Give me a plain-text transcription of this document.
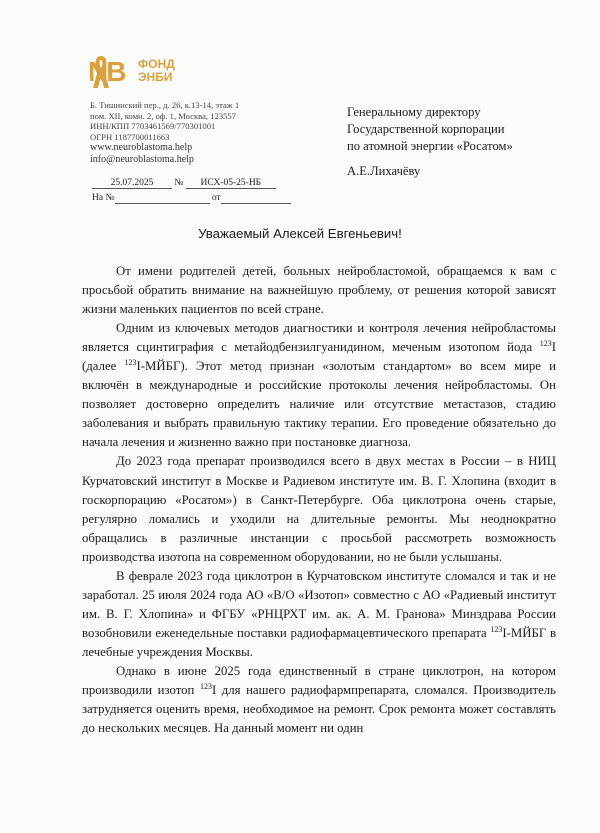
NB ФОНД
ЭНБИ
Б. Тишинский пер., д. 26, к.13-14, этаж 1
пом. XII, комн. 2, оф. 1, Москва, 123557
ИНН/КПП 7703461569/770301001
ОГРН 1187700011663
www.neuroblastoma.help
info@neuroblastoma.help
25.07.2025 № ИСХ-05-25-НБ
На №	от
Генеральному директору
Государственной корпорации
по атомной энергии «Росатом»
А.Е.Лихачёву
Уважаемый Алексей Евгеньевич!

От имени родителей детей, больных нейробластомой, обращаемся к вам с просьбой обратить внимание на важнейшую проблему, от решения которой зависят жизни маленьких пациентов по всей стране.

Одним из ключевых методов диагностики и контроля лечения нейробластомы является сцинтиграфия с метайодбензилгуанидином, меченым изотопом йода $^{123}$I (далее $^{123}$I-МЙБГ). Этот метод признан «золотым стандартом» во всем мире и включён в международные и российские протоколы лечения нейробластомы. Он позволяет достоверно определить наличие или отсутствие метастазов, стадию заболевания и выбрать правильную тактику терапии. Его проведение обязательно до начала лечения и жизненно важно при постановке диагноза.

До 2023 года препарат производился всего в двух местах в России – в НИЦ Курчатовский институт в Москве и Радиевом институте им. В. Г. Хлопина (входит в госкорпорацию «Росатом») в Санкт-Петербурге. Оба циклотрона очень старые, регулярно ломались и уходили на длительные ремонты. Мы неоднократно обращались в различные инстанции с просьбой рассмотреть возможность производства изотопа на современном оборудовании, но не были услышаны.

В феврале 2023 года циклотрон в Курчатовском институте сломался и так и не заработал. 25 июля 2024 года АО «В/О «Изотоп» совместно с АО «Радиевый институт им. В. Г. Хлопина» и ФГБУ «РНЦРХТ им. ак. А. М. Гранова» Минздрава России возобновили еженедельные поставки радиофармацевтического препарата $^{123}$I-МЙБГ в лечебные учреждения Москвы.

Однако в июне 2025 года единственный в стране циклотрон, на котором производили изотоп $^{123}$I для нашего радиофармпрепарата, сломался. Производитель затрудняется оценить время, необходимое на ремонт. Срок ремонта может составлять до нескольких месяцев. На данный момент ни один
